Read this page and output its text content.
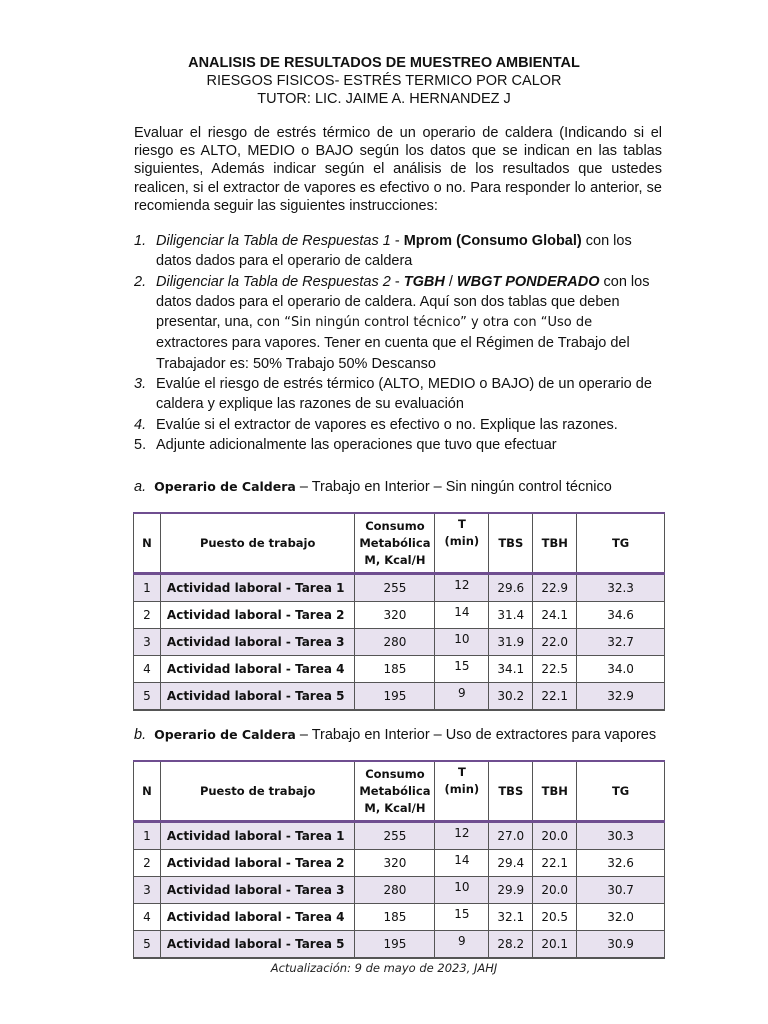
ANALISIS DE RESULTADOS DE MUESTREO AMBIENTAL
RIESGOS FISICOS- ESTRÉS TERMICO POR CALOR
TUTOR: LIC. JAIME A. HERNANDEZ J
Evaluar el riesgo de estrés térmico de un operario de caldera (Indicando si el riesgo es ALTO, MEDIO o BAJO según los datos que se indican en las tablas siguientes, Además indicar según el análisis de los resultados que ustedes realicen, si el extractor de vapores es efectivo o no. Para responder lo anterior, se recomienda seguir las siguientes instrucciones:
1. Diligenciar la Tabla de Respuestas 1 - Mprom (Consumo Global) con los datos dados para el operario de caldera
2. Diligenciar la Tabla de Respuestas 2 - TGBH / WBGT PONDERADO con los datos dados para el operario de caldera. Aquí son dos tablas que deben presentar, una, con “Sin ningún control técnico” y otra con “Uso de extractores para vapores. Tener en cuenta que el Régimen de Trabajo del Trabajador es: 50% Trabajo 50% Descanso
3. Evalúe el riesgo de estrés térmico (ALTO, MEDIO o BAJO) de un operario de caldera y explique las razones de su evaluación
4. Evalúe si el extractor de vapores es efectivo o no. Explique las razones.
5. Adjunte adicionalmente las operaciones que tuvo que efectuar
a. Operario de Caldera – Trabajo en Interior – Sin ningún control técnico
N	Puesto de trabajo	Consumo
Metabólica
M, Kcal/H	T
(min)	TBS	TBH	TG
1	Actividad laboral - Tarea 1	255	12	29.6	22.9	32.3
2	Actividad laboral - Tarea 2	320	14	31.4	24.1	34.6
3	Actividad laboral - Tarea 3	280	10	31.9	22.0	32.7
4	Actividad laboral - Tarea 4	185	15	34.1	22.5	34.0
5	Actividad laboral - Tarea 5	195	9	30.2	22.1	32.9
b. Operario de Caldera – Trabajo en Interior – Uso de extractores para vapores
N	Puesto de trabajo	Consumo
Metabólica
M, Kcal/H	T
(min)	TBS	TBH	TG
1	Actividad laboral - Tarea 1	255	12	27.0	20.0	30.3
2	Actividad laboral - Tarea 2	320	14	29.4	22.1	32.6
3	Actividad laboral - Tarea 3	280	10	29.9	20.0	30.7
4	Actividad laboral - Tarea 4	185	15	32.1	20.5	32.0
5	Actividad laboral - Tarea 5	195	9	28.2	20.1	30.9
Actualización: 9 de mayo de 2023, JAHJ
